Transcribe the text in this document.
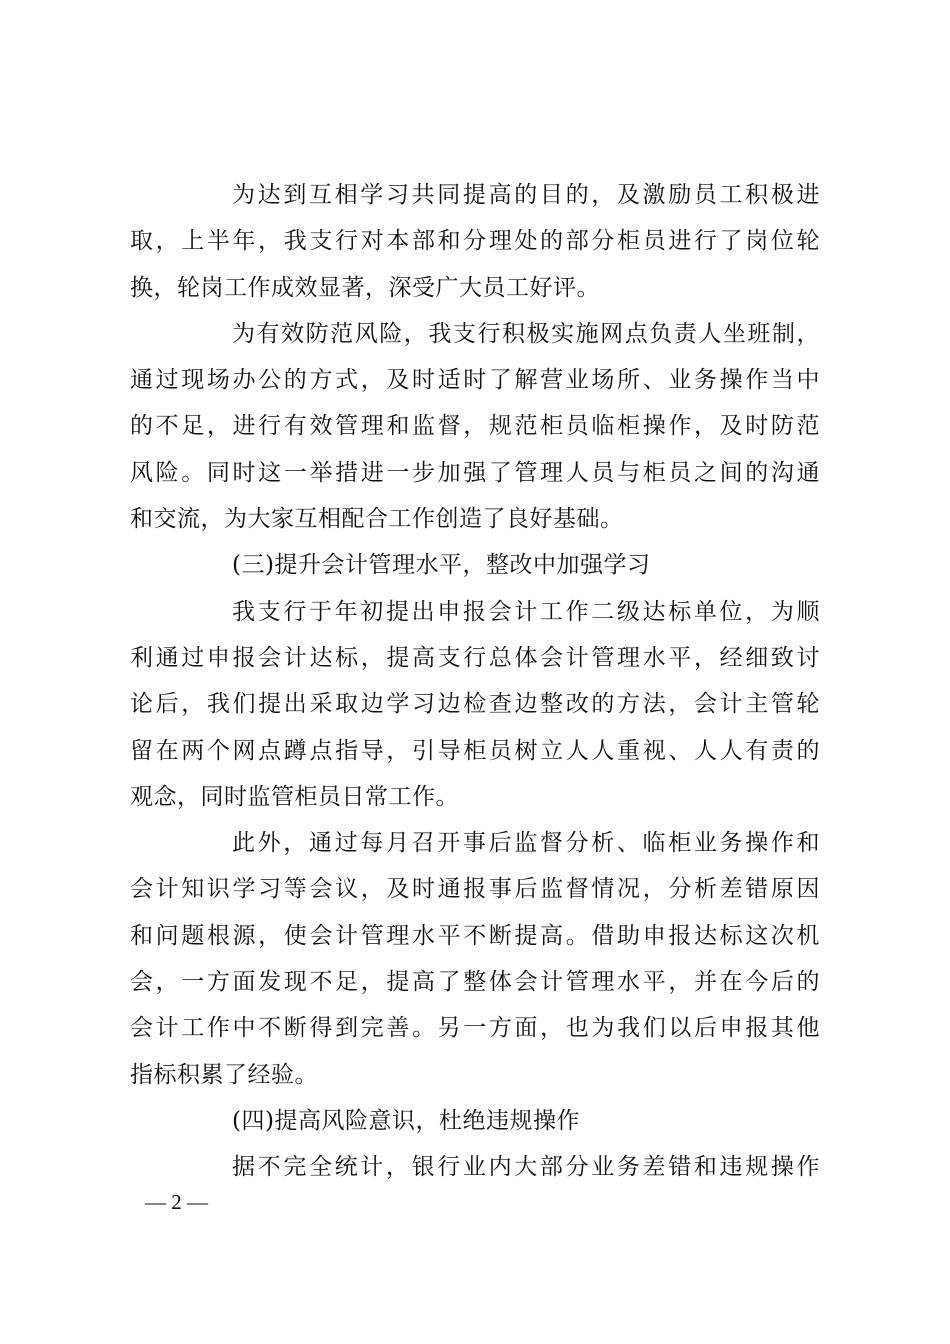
为达到互相学习共同提高的目的，及激励员工积极进
取，上半年，我支行对本部和分理处的部分柜员进行了岗位轮
换，轮岗工作成效显著，深受广大员工好评。
为有效防范风险，我支行积极实施网点负责人坐班制，
通过现场办公的方式，及时适时了解营业场所、业务操作当中
的不足，进行有效管理和监督，规范柜员临柜操作，及时防范
风险。同时这一举措进一步加强了管理人员与柜员之间的沟通
和交流，为大家互相配合工作创造了良好基础。
(三)提升会计管理水平，整改中加强学习
我支行于年初提出申报会计工作二级达标单位，为顺
利通过申报会计达标，提高支行总体会计管理水平，经细致讨
论后，我们提出采取边学习边检查边整改的方法，会计主管轮
留在两个网点蹲点指导，引导柜员树立人人重视、人人有责的
观念，同时监管柜员日常工作。
此外，通过每月召开事后监督分析、临柜业务操作和
会计知识学习等会议，及时通报事后监督情况，分析差错原因
和问题根源，使会计管理水平不断提高。借助申报达标这次机
会，一方面发现不足，提高了整体会计管理水平，并在今后的
会计工作中不断得到完善。另一方面，也为我们以后申报其他
指标积累了经验。
(四)提高风险意识，杜绝违规操作
据不完全统计，银行业内大部分业务差错和违规操作
— 2 —
